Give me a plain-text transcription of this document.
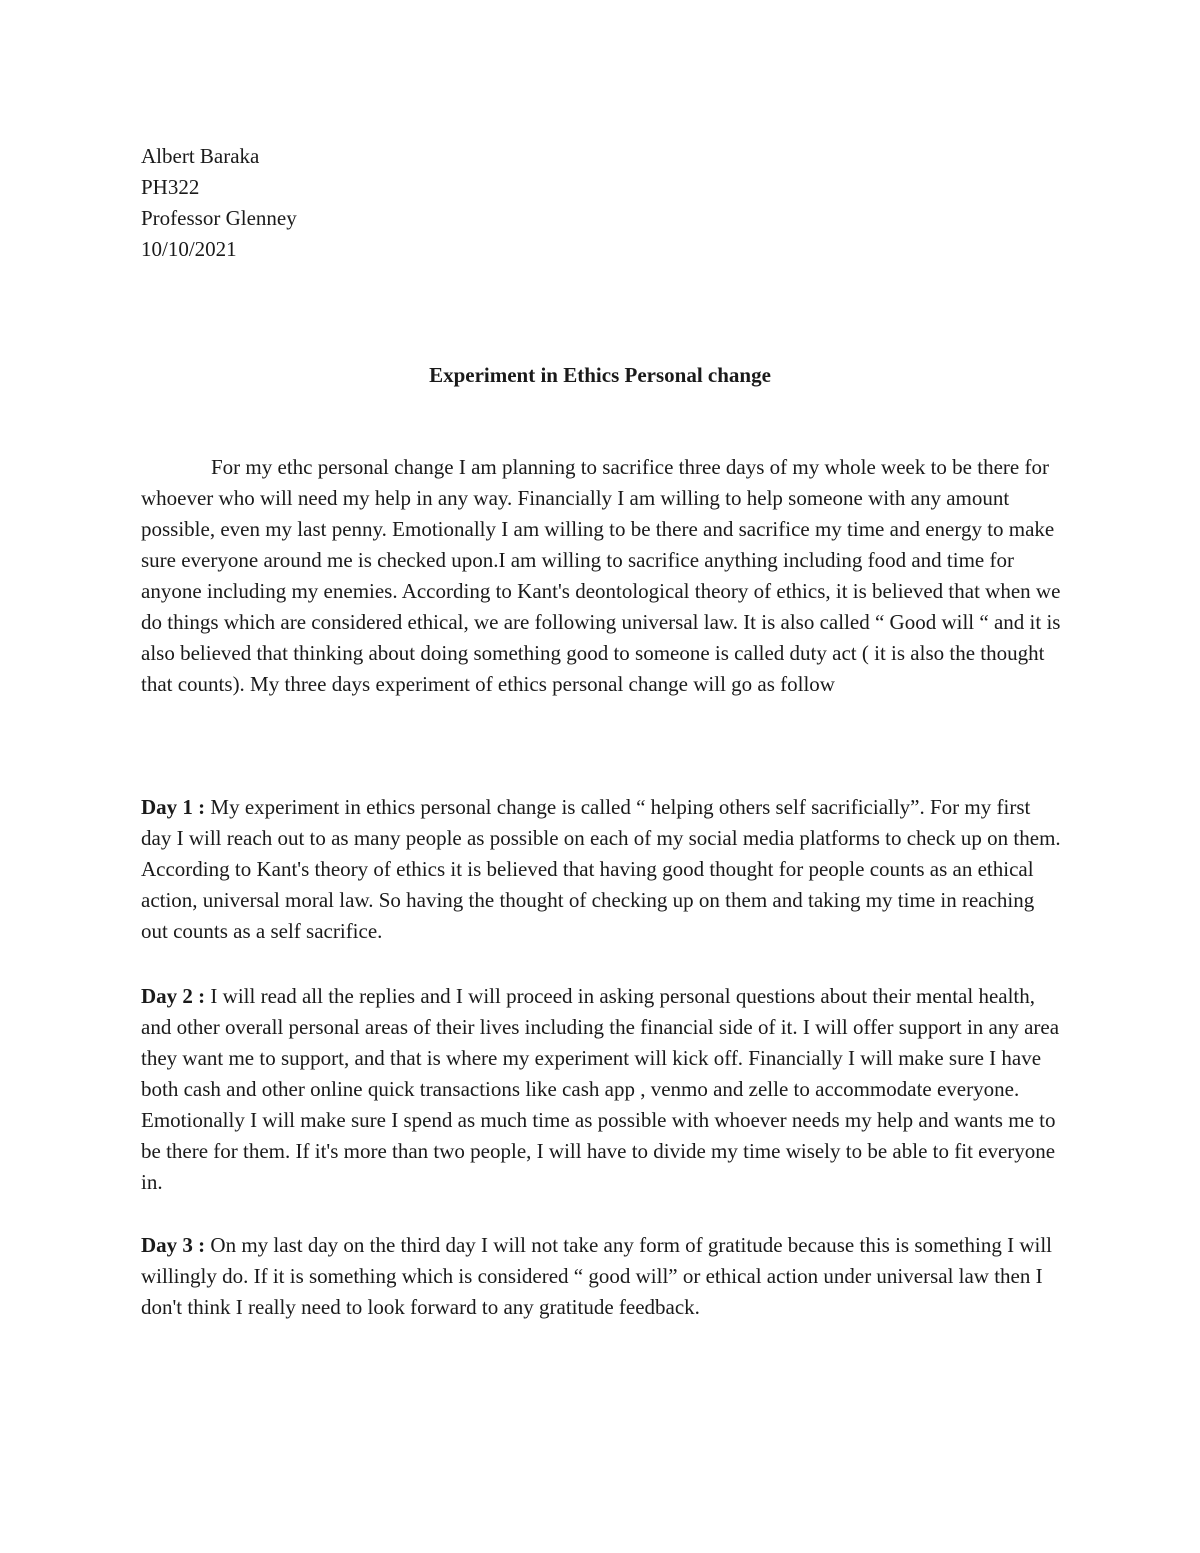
Albert Baraka
PH322
Professor Glenney
10/10/2021
Experiment in Ethics Personal change

For my ethc personal change I am planning to sacrifice three days of my whole week to be there for whoever who will need my help in any way. Financially I am willing to help someone with any amount possible, even my last penny. Emotionally I am willing to be there and sacrifice my time and energy to make sure everyone around me is checked upon.I am willing to sacrifice anything including food and time for anyone including my enemies. According to Kant's deontological theory of ethics, it is believed that when we do things which are considered ethical, we are following universal law. It is also called “ Good will “ and it is also believed that thinking about doing something good to someone is called duty act ( it is also the thought that counts). My three days experiment of ethics personal change will go as follow

Day 1 : My experiment in ethics personal change is called “ helping others self sacrificially”. For my first day I will reach out to as many people as possible on each of my social media platforms to check up on them. According to Kant's theory of ethics it is believed that having good thought for people counts as an ethical action, universal moral law. So having the thought of checking up on them and taking my time in reaching out counts as a self sacrifice.

Day 2 : I will read all the replies and I will proceed in asking personal questions about their mental health, and other overall personal areas of their lives including the financial side of it. I will offer support in any area they want me to support, and that is where my experiment will kick off. Financially I will make sure I have both cash and other online quick transactions like cash app , venmo and zelle to accommodate everyone. Emotionally I will make sure I spend as much time as possible with whoever needs my help and wants me to be there for them. If it's more than two people, I will have to divide my time wisely to be able to fit everyone in.

Day 3 : On my last day on the third day I will not take any form of gratitude because this is something I will willingly do. If it is something which is considered “ good will” or ethical action under universal law then I don't think I really need to look forward to any gratitude feedback.
